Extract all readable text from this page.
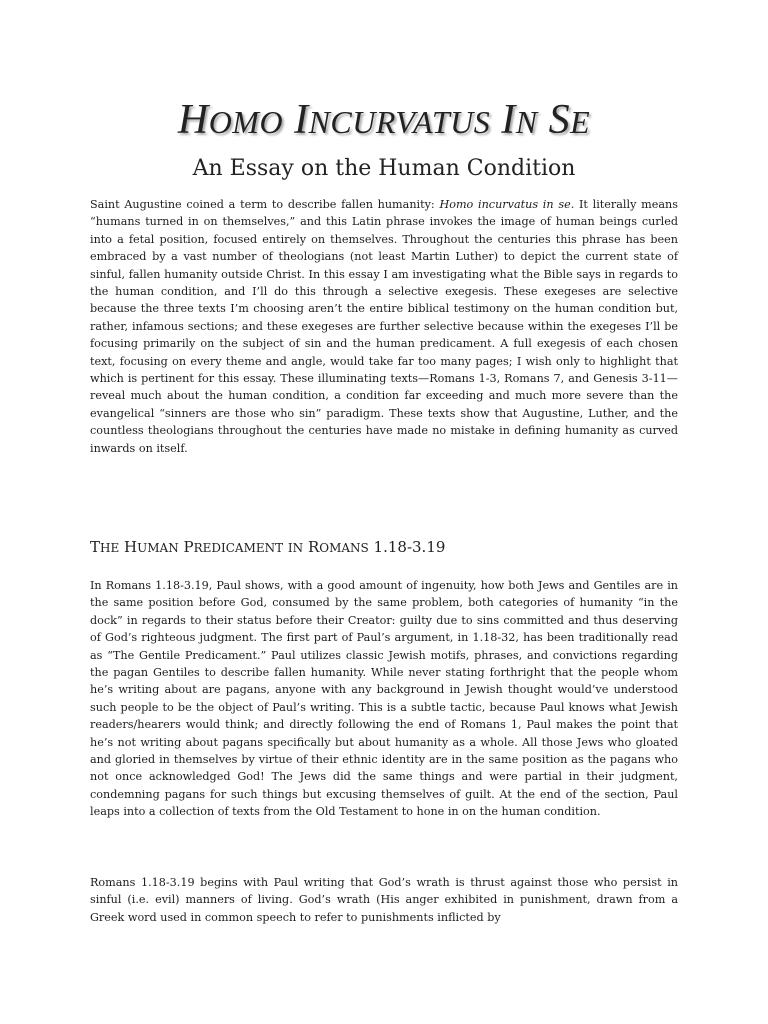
HOMO INCURVATUS IN SE
An Essay on the Human Condition

Saint Augustine coined a term to describe fallen humanity: Homo incurvatus in se. It literally means “humans turned in on themselves,” and this Latin phrase invokes the image of human beings curled into a fetal position, focused entirely on themselves. Throughout the centuries this phrase has been embraced by a vast number of theologians (not least Martin Luther) to depict the current state of sinful, fallen humanity outside Christ. In this essay I am investigating what the Bible says in regards to the human condition, and I’ll do this through a selective exegesis. These exegeses are selective because the three texts I’m choosing aren’t the entire biblical testimony on the human condition but, rather, infamous sections; and these exegeses are further selective because within the exegeses I’ll be focusing primarily on the subject of sin and the human predicament. A full exegesis of each chosen text, focusing on every theme and angle, would take far too many pages; I wish only to highlight that which is pertinent for this essay. These illuminating texts—Romans 1-3, Romans 7, and Genesis 3-11—reveal much about the human condition, a condition far exceeding and much more severe than the evangelical “sinners are those who sin” paradigm. These texts show that Augustine, Luther, and the countless theologians throughout the centuries have made no mistake in defining humanity as curved inwards on itself.

THE HUMAN PREDICAMENT IN ROMANS 1.18-3.19

In Romans 1.18-3.19, Paul shows, with a good amount of ingenuity, how both Jews and Gentiles are in the same position before God, consumed by the same problem, both categories of humanity “in the dock” in regards to their status before their Creator: guilty due to sins committed and thus deserving of God’s righteous judgment. The first part of Paul’s argument, in 1.18-32, has been traditionally read as “The Gentile Predicament.” Paul utilizes classic Jewish motifs, phrases, and convictions regarding the pagan Gentiles to describe fallen humanity. While never stating forthright that the people whom he’s writing about are pagans, anyone with any background in Jewish thought would’ve understood such people to be the object of Paul’s writing. This is a subtle tactic, because Paul knows what Jewish readers/hearers would think; and directly following the end of Romans 1, Paul makes the point that he’s not writing about pagans specifically but about humanity as a whole. All those Jews who gloated and gloried in themselves by virtue of their ethnic identity are in the same position as the pagans who not once acknowledged God! The Jews did the same things and were partial in their judgment, condemning pagans for such things but excusing themselves of guilt. At the end of the section, Paul leaps into a collection of texts from the Old Testament to hone in on the human condition.

Romans 1.18-3.19 begins with Paul writing that God’s wrath is thrust against those who persist in sinful (i.e. evil) manners of living. God’s wrath (His anger exhibited in punishment, drawn from a Greek word used in common speech to refer to punishments inflicted by
